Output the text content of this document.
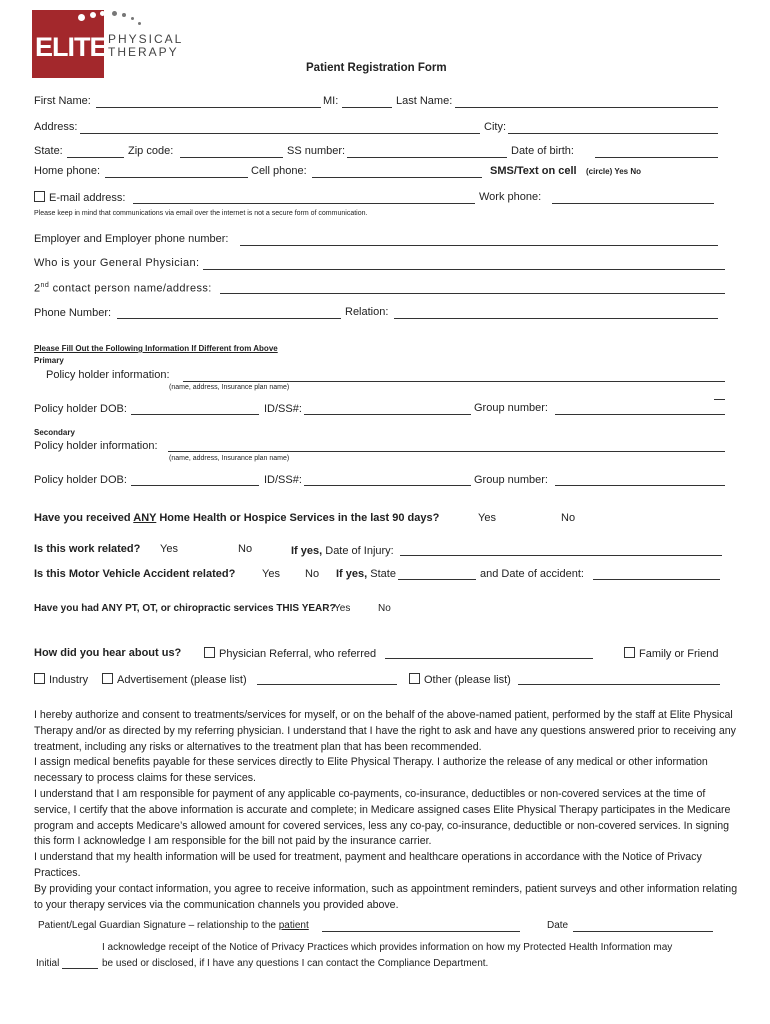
ELITE PHYSICAL
THERAPY
Patient Registration Form
First Name:	MI:	Last Name:
Address:	City:
State:	Zip code:	SS number:	Date of birth:
Home phone:	Cell phone:	SMS/Text on cell (circle) Yes No
E-mail address:	Work phone:
Please keep in mind that communications via email over the internet is not a secure form of communication.
Employer and Employer phone number:
Who is your General Physician:
2nd contact person name/address:
Phone Number:	Relation:
Please Fill Out the Following Information If Different from Above
Primary
Policy holder information:
(name, address, Insurance plan name)
Policy holder DOB:	ID/SS#:	Group number:
Secondary
Policy holder information:
(name, address, Insurance plan name)
Policy holder DOB:	ID/SS#:	Group number:
Have you received ANY Home Health or Hospice Services in the last 90 days?	Yes	No
Is this work related? Yes	No	If yes, Date of Injury:
Is this Motor Vehicle Accident related? Yes No If yes, State	and Date of accident:
Have you had ANY PT, OT, or chiropractic services THIS YEAR?
Yes	No
How did you hear about us?	Physician Referral, who referred	Family or Friend
Industry	Advertisement (please list)	Other (please list)

I hereby authorize and consent to treatments/services for myself, or on the behalf of the above-named patient, performed by the staff at Elite Physical Therapy and/or as directed by my referring physician. I understand that I have the right to ask and have any questions answered prior to receiving any treatment, including any risks or alternatives to the treatment plan that has been recommended.

I assign medical benefits payable for these services directly to Elite Physical Therapy. I authorize the release of any medical or other information necessary to process claims for these services.

I understand that I am responsible for payment of any applicable co-payments, co-insurance, deductibles or non-covered services at the time of service, I certify that the above information is accurate and complete; in Medicare assigned cases Elite Physical Therapy participates in the Medicare program and accepts Medicare’s allowed amount for covered services, less any co-pay, co-insurance, deductible or non-covered services. In signing this form I acknowledge I am responsible for the bill not paid by the insurance carrier.

I understand that my health information will be used for treatment, payment and healthcare operations in accordance with the Notice of Privacy Practices.

By providing your contact information, you agree to receive information, such as appointment reminders, patient surveys and other information relating to your therapy services via the communication channels you provided above.

Patient/Legal Guardian Signature – relationship to the patient	Date
I acknowledge receipt of the Notice of Privacy Practices which provides information on how my Protected Health Information may
Initial	be used or disclosed, if I have any questions I can contact the Compliance Department.
